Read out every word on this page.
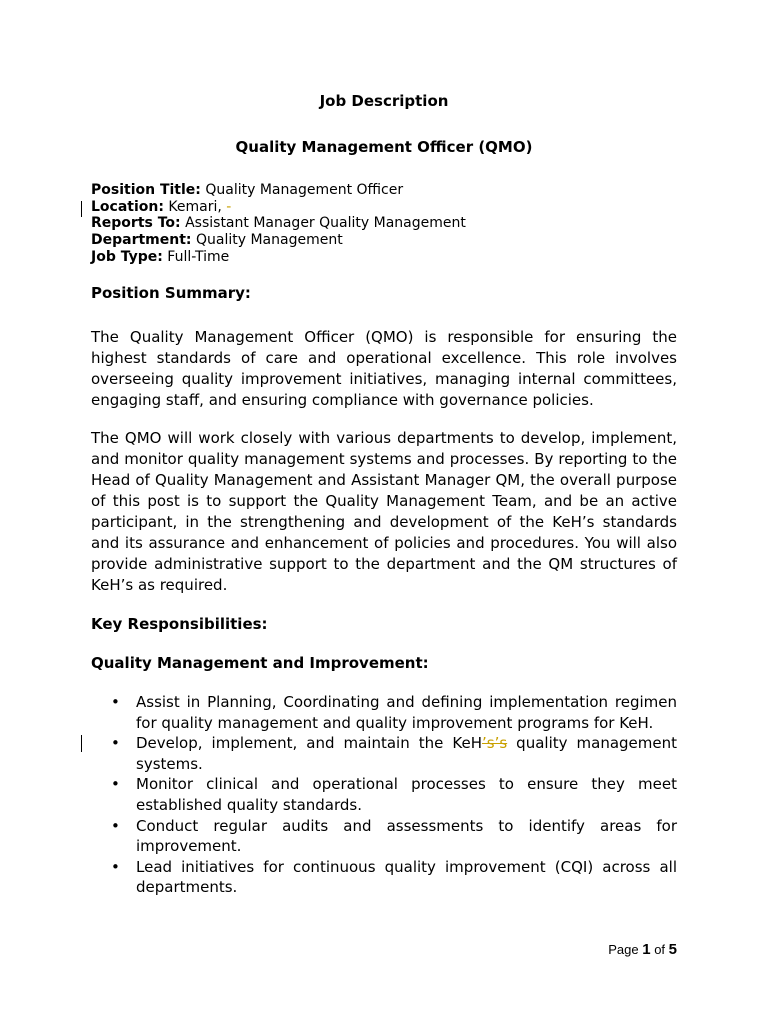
Job Description
Quality Management Officer (QMO)
Position Title: Quality Management Officer
Location: Kemari, -
Reports To: Assistant Manager Quality Management
Department: Quality Management
Job Type: Full-Time
Position Summary:

The Quality Management Officer (QMO) is responsible for ensuring the highest standards of care and operational excellence. This role involves overseeing quality improvement initiatives, managing internal committees, engaging staff, and ensuring compliance with governance policies.

The QMO will work closely with various departments to develop, implement, and monitor quality management systems and processes. By reporting to the Head of Quality Management and Assistant Manager QM, the overall purpose of this post is to support the Quality Management Team, and be an active participant, in the strengthening and development of the KeH’s standards and its assurance and enhancement of policies and procedures. You will also provide administrative support to the department and the QM structures of KeH’s as required.

Key Responsibilities:
Quality Management and Improvement:
• Assist in Planning, Coordinating and defining implementation regimen for quality management and quality improvement programs for KeH.
• Develop, implement, and maintain the KeH’s’s quality management systems.
• Monitor clinical and operational processes to ensure they meet established quality standards.
• Conduct regular audits and assessments to identify areas for improvement.
• Lead initiatives for continuous quality improvement (CQI) across all departments.
Page 1 of 5
